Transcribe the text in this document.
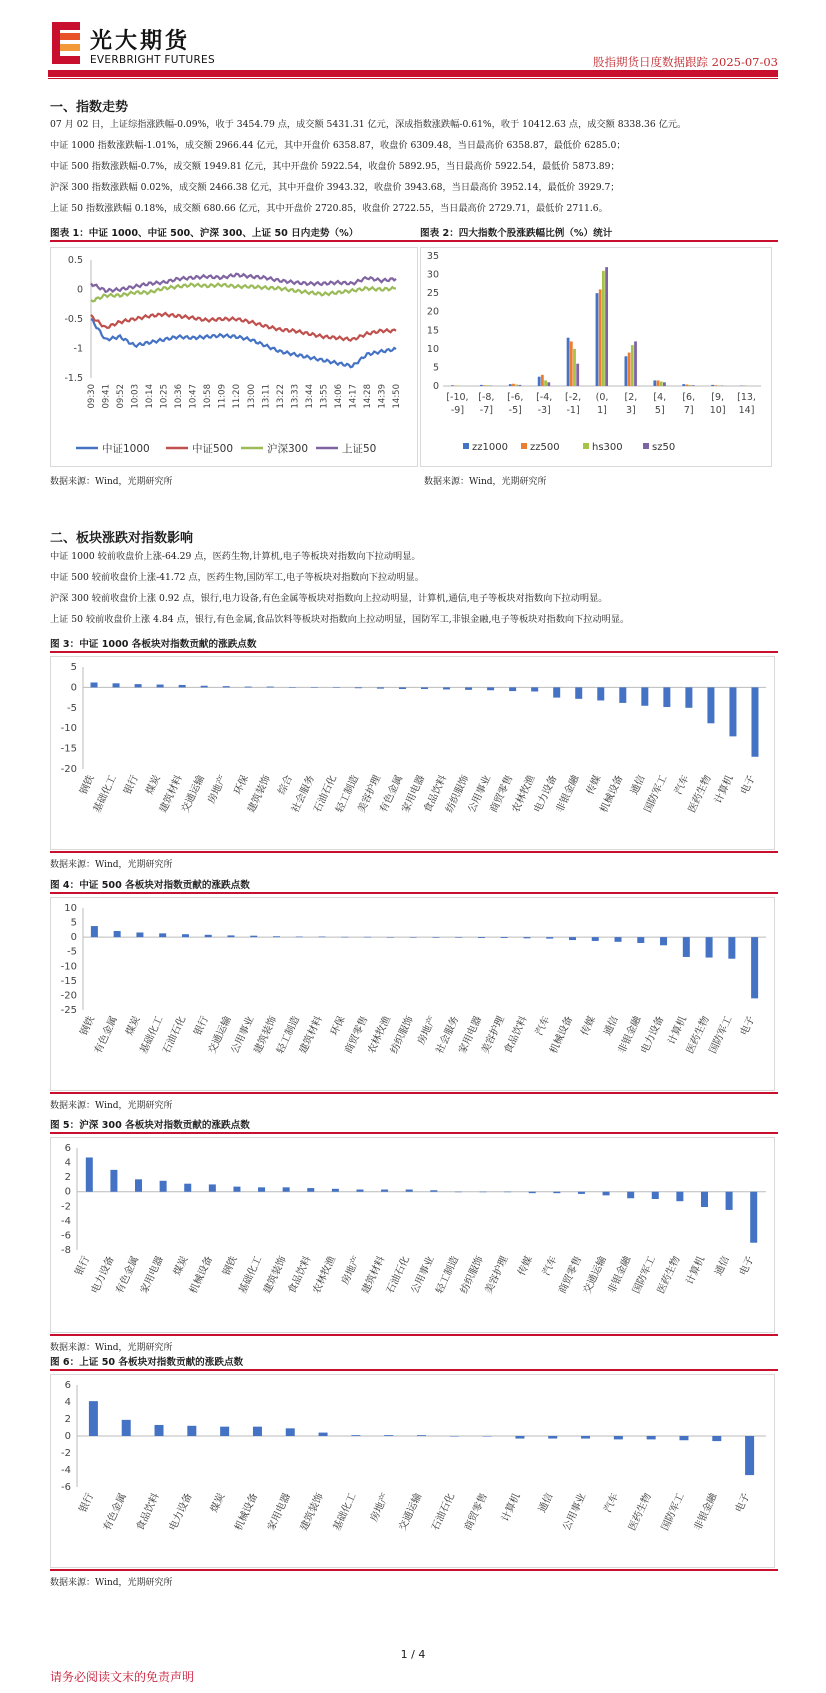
光大期货
EVERBRIGHT FUTURES	股指期货日度数据跟踪 2025-07-03
一、指数走势
07 月 02 日，上证综指涨跌幅-0.09%，收于 3454.79 点，成交额 5431.31 亿元，深成指数涨跌幅-0.61%，收于 10412.63 点，成交额 8338.36 亿元。
中证 1000 指数涨跌幅-1.01%，成交额 2966.44 亿元，其中开盘价 6358.87，收盘价 6309.48，当日最高价 6358.87，最低价 6285.0；
中证 500 指数涨跌幅-0.7%，成交额 1949.81 亿元，其中开盘价 5922.54，收盘价 5892.95，当日最高价 5922.54，最低价 5873.89；
沪深 300 指数涨跌幅 0.02%，成交额 2466.38 亿元，其中开盘价 3943.32，收盘价 3943.68，当日最高价 3952.14，最低价 3929.7；
上证 50 指数涨跌幅 0.18%，成交额 680.66 亿元，其中开盘价 2720.85，收盘价 2722.55，当日最高价 2729.71，最低价 2711.6。
图表 1：中证 1000、中证 500、沪深 300、上证 50 日内走势（%）	图表 2：四大指数个股涨跌幅比例（%）统计
0.5
0
-0.5
-1
-1.5
09:30 09:41 09:52 10:03 10:14 10:25 10:36 10:47 10:58 11:09 11:20 13:00 13:11 13:22 13:33 13:44 13:55 14:06 14:17 14:28 14:39 14:50
中证1000	中证500	沪深300	上证50
35
30
25
20
15
10
5
0
[-10,
-9]
[-8,
-7]
[-6,
-5]
[-4,
-3]
[-2,
-1]
(0,
1]
[2,
3]
[4,
5]
[6,
7]
[9,
10]
[13,
14]
zz1000 zz500	hs300	sz50
数据来源：Wind，光期研究所	数据来源：Wind，光期研究所
二、板块涨跌对指数影响
中证 1000 较前收盘价上涨-64.29 点，医药生物,计算机,电子等板块对指数向下拉动明显。
中证 500 较前收盘价上涨-41.72 点，医药生物,国防军工,电子等板块对指数向下拉动明显。
沪深 300 较前收盘价上涨 0.92 点，银行,电力设备,有色金属等板块对指数向上拉动明显，计算机,通信,电子等板块对指数向下拉动明显。
上证 50 较前收盘价上涨 4.84 点，银行,有色金属,食品饮料等板块对指数向上拉动明显，国防军工,非银金融,电子等板块对指数向下拉动明显。
图 3：中证 1000 各板块对指数贡献的涨跌点数
5
0
-5
-10
-15
-20
钢铁
基础化工 银行 煤炭
建筑材料
交通运输 房地产 环保
建筑装饰 综合
社会服务
石油石化
轻工制造
美容护理
有色金属
家用电器
食品饮料
纺织服饰
公用事业
商贸零售
农林牧渔
电力设备
非银金融 传媒
机械设备 通信
国防军工 汽车
医药生物 计算机 电子
数据来源：Wind，光期研究所
图 4：中证 500 各板块对指数贡献的涨跌点数
10
5
0
-5
-10
-15
-20
-25
钢铁
有色金属 煤炭
基础化工
石油石化 银行
交通运输
公用事业
建筑装饰
轻工制造
建筑材料 环保
商贸零售
农林牧渔
纺织服饰 房地产
社会服务
家用电器
美容护理
食品饮料 汽车
机械设备 传媒 通信
非银金融
电力设备 计算机
医药生物
国防军工 电子
数据来源：Wind，光期研究所
图 5：沪深 300 各板块对指数贡献的涨跌点数
6
4
2
0
-2
-4
-6
-8
银行
电力设备
有色金属
家用电器 煤炭
机械设备 钢铁
基础化工
建筑装饰
食品饮料
农林牧渔 房地产
建筑材料
石油石化
公用事业
轻工制造
纺织服饰
美容护理 传媒 汽车
商贸零售
交通运输
非银金融
国防军工
医药生物 计算机 通信 电子
数据来源：Wind，光期研究所
图 6：上证 50 各板块对指数贡献的涨跌点数
6
4
2
0
-2
-4
-6
银行 有色金属 食品饮料 电力设备 煤炭 机械设备 家用电器 建筑装饰 基础化工 房地产 交通运输 石油石化 商贸零售 计算机 通信 公用事业 汽车 医药生物 国防军工 非银金融 电子
数据来源：Wind，光期研究所
1 / 4
请务必阅读文末的免责声明
